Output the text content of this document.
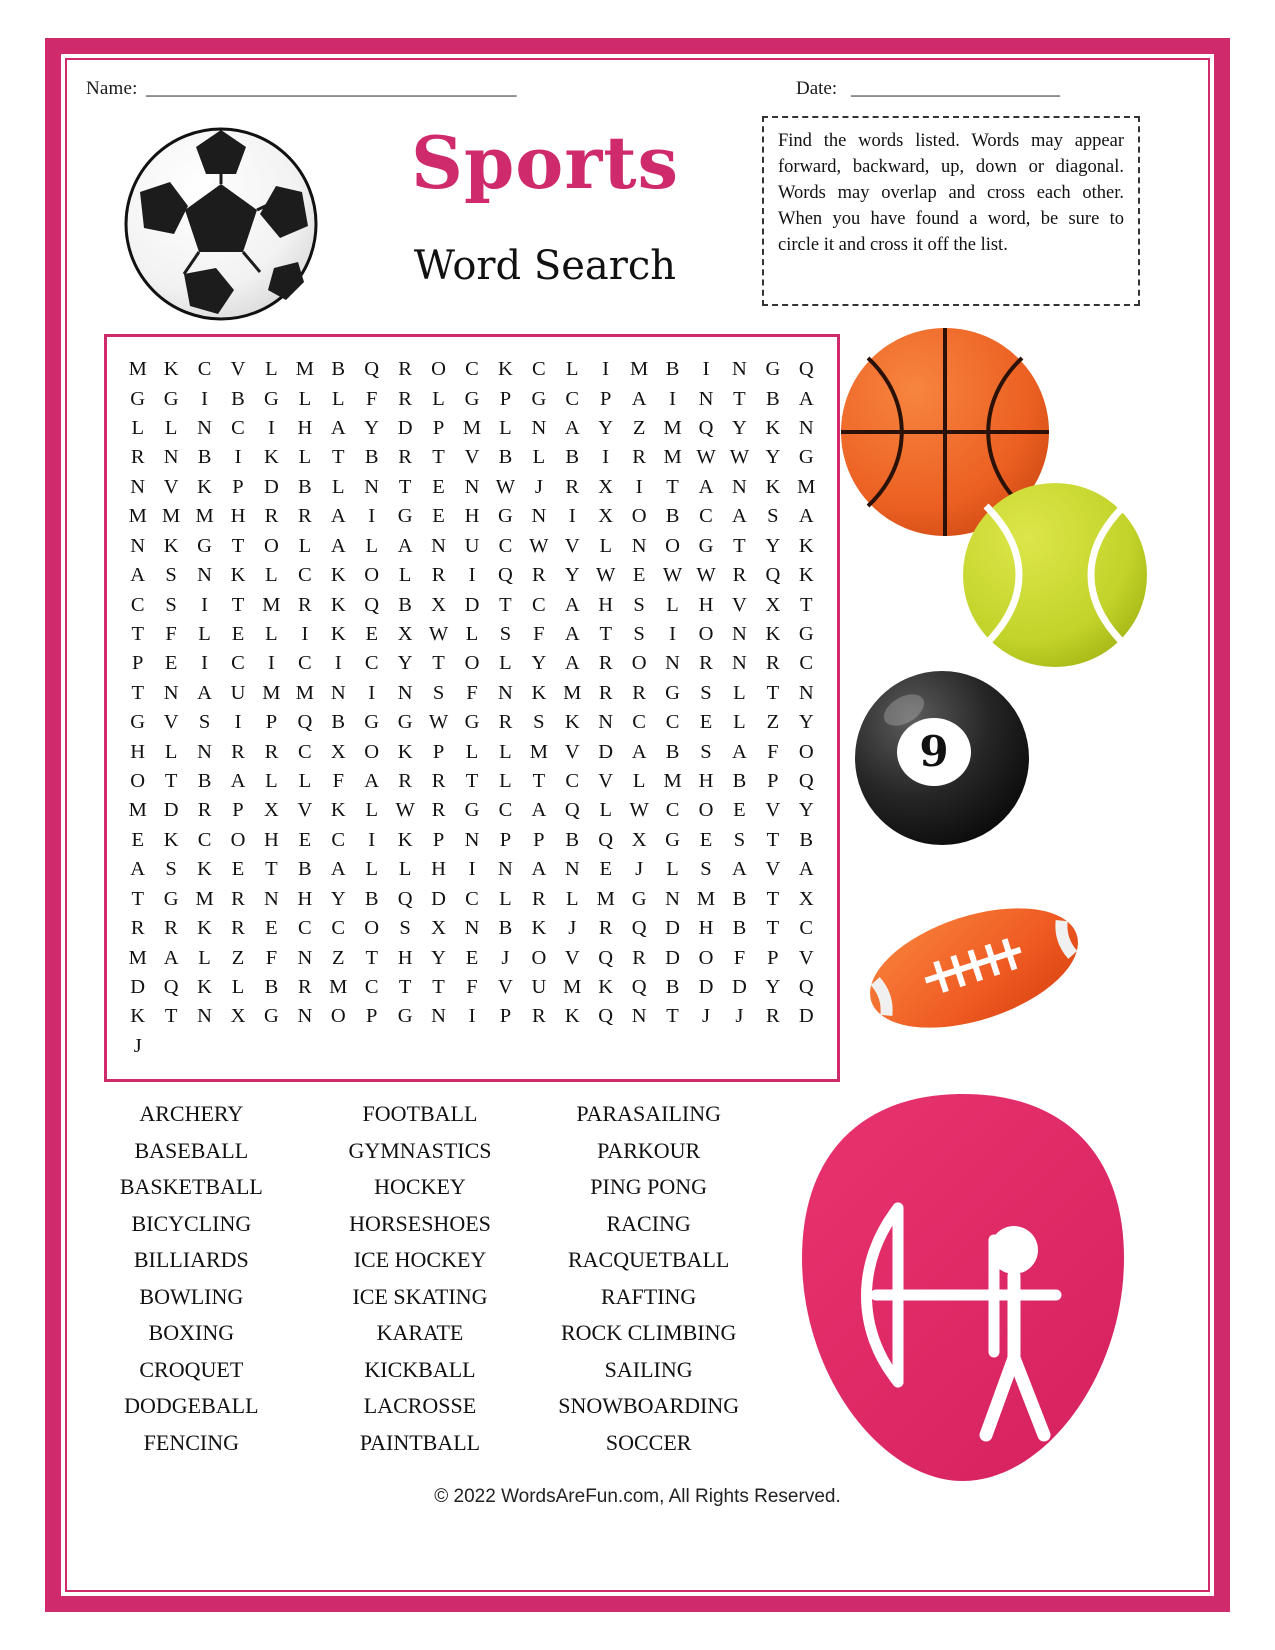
Name: _______________________________________	Date: ______________________
Sports
Word Search
Find the words listed. Words may appear forward, backward, up, down or diagonal. Words may overlap and cross each other. When you have found a word, be sure to circle it and cross it off the list.
M K C V L M B Q R O C K C L	I	M B	I	N G Q
G G	I	B G L	L	F	R L G P G C	P A	I	N T B A
L	L N C	I	H A Y D P M L N A Y Z M Q Y K N
R N B	I	K L	T B R T V B L B	I	R M W W Y G
N V K P D B L N T	E N W J	R X	I	T A N K M
M M M H R R A	I	G E H G N	I	X O B C A S A
N K G T O L A L A N U C W V L N O G T Y K
A S N K L C K O L R	I	Q R Y W E W W R Q K
C	S	I	T M R K Q B X D T C A H S	L H V X T
T	F	L	E	L	I	K E X W L	S	F A T	S	I	O N K G
P	E	I	C	I	C	I	C Y T O L Y A R O N R N R C
T N A U M M N	I	N S	F N K M R R G S	L	T N
G V S	I	P Q B G G W G R	S K N C C E	L	Z Y
H L N R R C X O K P	L	L M V D A B	S A F O
O T B A L	L	F A R R T	L	T C V L M H B	P Q
M D R	P X V K L W R G C A Q L W C O E V Y
E K C O H E C	I	K P N P	P	B Q X G E	S	T B
A S K E	T B A L	L H	I	N A N E	J	L	S A V A
T G M R N H Y B Q D C L R L M G N M B T X
R R K R E C C O S X N B K	J	R Q D H B T C
M A L	Z	F N Z	T H Y E	J	O V Q R D O F	P V
D Q K L B R M C T	T	F V U M K Q B D D Y Q
K T N X G N O P G N	I	P	R K Q N T	J	J	R D
J
ARCHERY	FOOTBALL	PARASAILING
BASEBALL	GYMNASTICS	PARKOUR
BASKETBALL	HOCKEY	PING PONG
BICYCLING	HORSESHOES	RACING
BILLIARDS	ICE HOCKEY	RACQUETBALL
BOWLING	ICE SKATING	RAFTING
BOXING	KARATE	ROCK CLIMBING
CROQUET	KICKBALL	SAILING
DODGEBALL	LACROSSE	SNOWBOARDING
FENCING	PAINTBALL	SOCCER
© 2022 WordsAreFun.com, All Rights Reserved.
9
